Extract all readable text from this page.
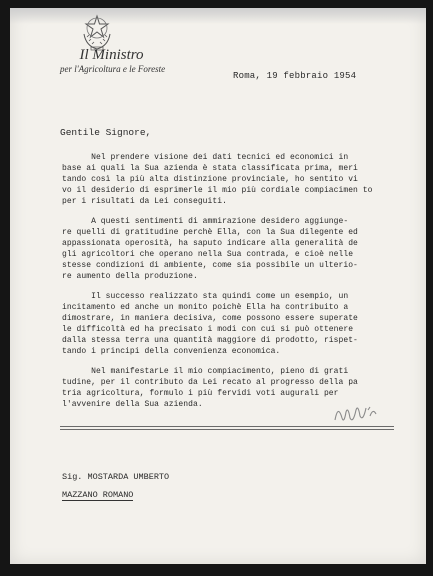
Il Ministro
per l'Agricoltura e le Foreste
Roma, 19 febbraio 1954
Gentile Signore,

Nel prendere visione dei dati tecnici ed economici in

base ai quali la Sua azienda è stata classificata prima, meri

tando così la più alta distinzione provinciale, ho sentito vi

vo il desiderio di esprimerle il mio più cordiale compiacimen to

per i risultati da Lei conseguiti.

A questi sentimenti di ammirazione desidero aggiunge-

re quelli di gratitudine perchè Ella, con la Sua dilegente ed

appassionata operosità, ha saputo indicare alla generalità de

gli agricoltori che operano nella Sua contrada, e cioè nelle

stesse condizioni di ambiente, come sia possibile un ulterio-

re aumento della produzione.

Il successo realizzato sta quindi come un esempio, un

incitamento ed anche un monito poichè Ella ha contribuito a

dimostrare, in maniera decisiva, come possono essere superate

le difficoltà ed ha precisato i modi con cui si può ottenere

dalla stessa terra una quantità maggiore di prodotto, rispet-

tando i principi della convenienza economica.

Nel manifestarLe il mio compiacimento, pieno di grati

tudine, per il contributo da Lei recato al progresso della pa

tria agricoltura, formulo i più fervidi voti augurali per

l'avvenire della Sua azienda.

Sig. MOSTARDA UMBERTO
MAZZANO ROMANO
